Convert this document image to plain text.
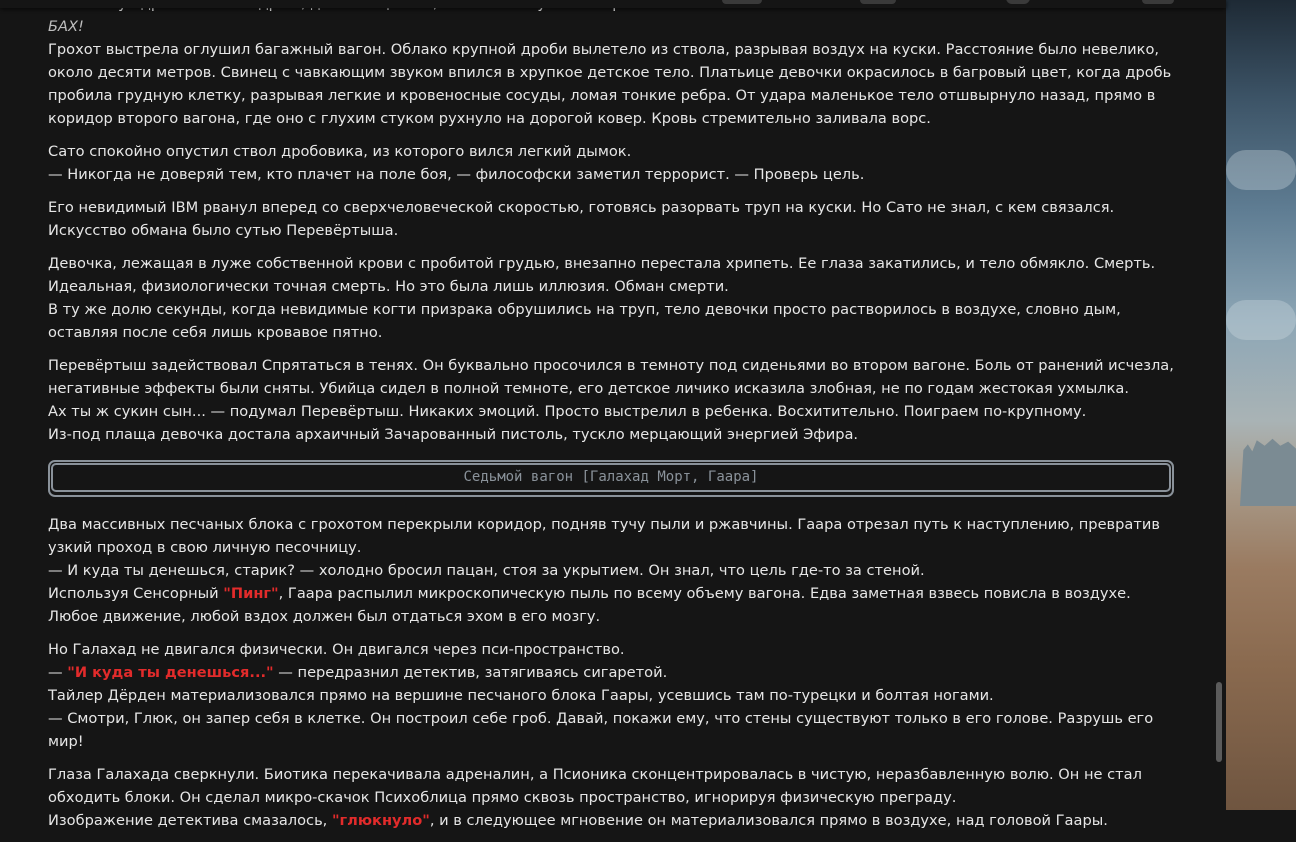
БАХ!
Грохот выстрела оглушил багажный вагон. Облако крупной дроби вылетело из ствола, разрывая воздух на куски. Расстояние было невелико, около десяти метров. Свинец с чавкающим звуком впился в хрупкое детское тело. Платьице девочки окрасилось в багровый цвет, когда дробь пробила грудную клетку, разрывая легкие и кровеносные сосуды, ломая тонкие ребра. От удара маленькое тело отшвырнуло назад, прямо в коридор второго вагона, где оно с глухим стуком рухнуло на дорогой ковер. Кровь стремительно заливала ворс.

Сато спокойно опустил ствол дробовика, из которого вился легкий дымок.
— Никогда не доверяй тем, кто плачет на поле боя, — философски заметил террорист. — Проверь цель.

Его невидимый IBM рванул вперед со сверхчеловеческой скоростью, готовясь разорвать труп на куски. Но Сато не знал, с кем связался. Искусство обмана было сутью Перевёртыша.

Девочка, лежащая в луже собственной крови с пробитой грудью, внезапно перестала хрипеть. Ее глаза закатились, и тело обмякло. Смерть.
Идеальная, физиологически точная смерть. Но это была лишь иллюзия. Обман смерти.
В ту же долю секунды, когда невидимые когти призрака обрушились на труп, тело девочки просто растворилось в воздухе, словно дым, оставляя после себя лишь кровавое пятно.

Перевёртыш задействовал Спрятаться в тенях. Он буквально просочился в темноту под сиденьями во втором вагоне. Боль от ранений исчезла, негативные эффекты были сняты. Убийца сидел в полной темноте, его детское личико исказила злобная, не по годам жестокая ухмылка.
Ах ты ж сукин сын... — подумал Перевёртыш. Никаких эмоций. Просто выстрелил в ребенка. Восхитительно. Поиграем по-крупному.
Из-под плаща девочка достала архаичный Зачарованный пистоль, тускло мерцающий энергией Эфира.

Седьмой вагон [Галахад Морт, Гаара]

Два массивных песчаных блока с грохотом перекрыли коридор, подняв тучу пыли и ржавчины. Гаара отрезал путь к наступлению, превратив узкий проход в свою личную песочницу.
— И куда ты денешься, старик? — холодно бросил пацан, стоя за укрытием. Он знал, что цель где-то за стеной.
Используя Сенсорный "Пинг", Гаара распылил микроскопическую пыль по всему объему вагона. Едва заметная взвесь повисла в воздухе. Любое движение, любой вздох должен был отдаться эхом в его мозгу.

Но Галахад не двигался физически. Он двигался через пси-пространство.
— "И куда ты денешься..." — передразнил детектив, затягиваясь сигаретой.
Тайлер Дёрден материализовался прямо на вершине песчаного блока Гаары, усевшись там по-турецки и болтая ногами.
— Смотри, Глюк, он запер себя в клетке. Он построил себе гроб. Давай, покажи ему, что стены существуют только в его голове. Разрушь его мир!

Глаза Галахада сверкнули. Биотика перекачивала адреналин, а Псионика сконцентрировалась в чистую, неразбавленную волю. Он не стал обходить блоки. Он сделал микро-скачок Психоблица прямо сквозь пространство, игнорируя физическую преграду.
Изображение детектива смазалось, "глюкнуло", и в следующее мгновение он материализовался прямо в воздухе, над головой Гаары.
